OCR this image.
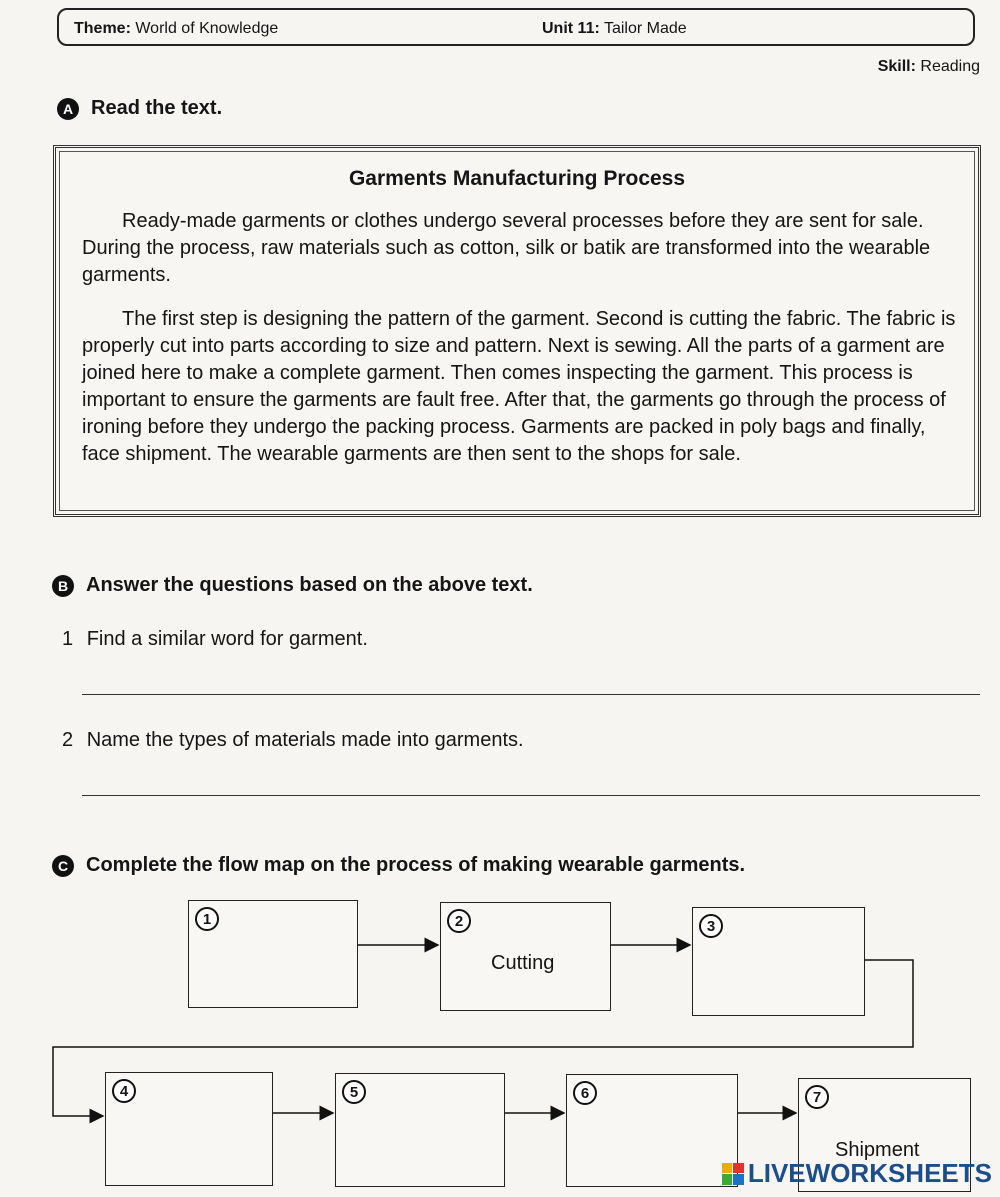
Theme: World of Knowledge	Unit 11: Tailor Made
Skill: Reading
A Read the text.
Garments Manufacturing Process
Ready-made garments or clothes undergo several processes before they are sent for sale. During the process, raw materials such as cotton, silk or batik are transformed into the wearable garments.
The first step is designing the pattern of the garment. Second is cutting the fabric. The fabric is properly cut into parts according to size and pattern. Next is sewing. All the parts of a garment are joined here to make a complete garment. Then comes inspecting the garment. This process is important to ensure the garments are fault free. After that, the garments go through the process of ironing before they undergo the packing process. Garments are packed in poly bags and finally, face shipment. The wearable garments are then sent to the shops for sale.
B Answer the questions based on the above text.
1 Find a similar word for garment.
2 Name the types of materials made into garments.
C Complete the flow map on the process of making wearable garments.
1	2
Cutting
3
4	5	6	7
Shipment
LIVEWORKSHEETS
